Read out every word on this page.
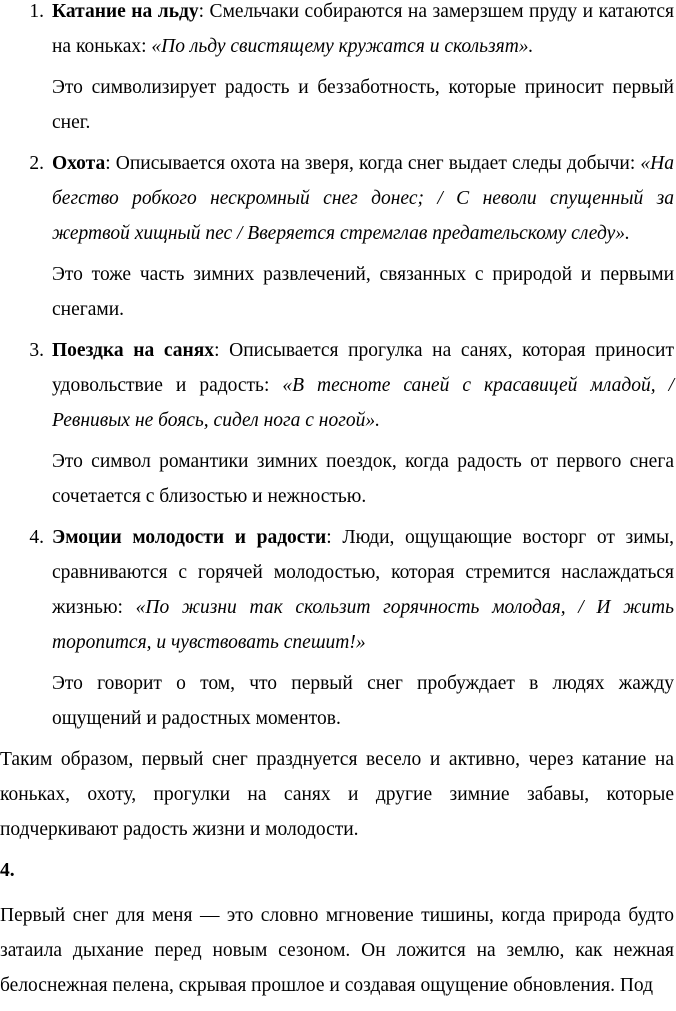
1. Катание на льду: Смельчаки собираются на замерзшем пруду и катаются на коньках: «По льду свистящему кружатся и скользят».

Это символизирует радость и беззаботность, которые приносит первый снег.

2. Охота: Описывается охота на зверя, когда снег выдает следы добычи: «На бегство робкого нескромный снег донес; / С неволи спущенный за жертвой хищный пес / Вверяется стремглав предательскому следу».

Это тоже часть зимних развлечений, связанных с природой и первыми снегами.

3. Поездка на санях: Описывается прогулка на санях, которая приносит удовольствие и радость: «В тесноте саней с красавицей младой, / Ревнивых не боясь, сидел нога с ногой».

Это символ романтики зимних поездок, когда радость от первого снега сочетается с близостью и нежностью.

4. Эмоции молодости и радости: Люди, ощущающие восторг от зимы, сравниваются с горячей молодостью, которая стремится наслаждаться жизнью: «По жизни так скользит горячность молодая, / И жить торопится, и чувствовать спешит!»

Это говорит о том, что первый снег пробуждает в людях жажду ощущений и радостных моментов.

Таким образом, первый снег празднуется весело и активно, через катание на коньках, охоту, прогулки на санях и другие зимние забавы, которые подчеркивают радость жизни и молодости.

4.

Первый снег для меня — это словно мгновение тишины, когда природа будто затаила дыхание перед новым сезоном. Он ложится на землю, как нежная белоснежная пелена, скрывая прошлое и создавая ощущение обновления. Под
